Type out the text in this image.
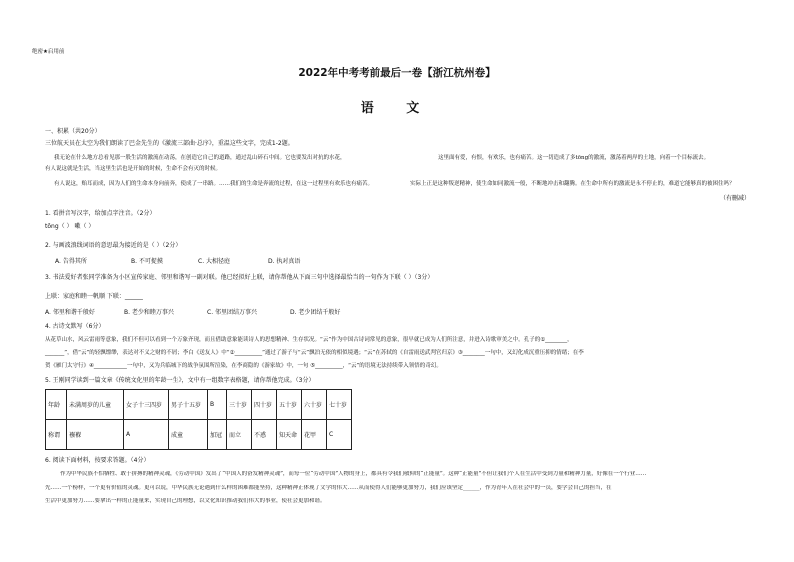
绝密★启用前
2022年中考考前最后一卷【浙江杭州卷】
语 文
一、积累（共20分）
三位航天员在太空为我们朗读了巴金先生的《激流三部曲·总序》，重温这些文字，完成1-2题。
我无论在什么地方总看见那一股生活的激流在动荡，在创造它自己的道路，通过乱山碎石中间。它也要发出对抗的水花，	这里面有爱，有恨，有欢乐，也有痛苦。这一切造成了多tōng的激流，激荡着两岸的土地，向着一个目标流去。
有人说这就是生活，当这里生活也是开始的时候，生命不会有灭的时候。
有人说这，贻耳而成，因为人们的生命本身向前奔，使成了一串路。……我们的生命是奔流的过程，在这一过程里有欢乐也有痛苦。	实际上正是这种叛逆精神，使生命如同激流一般，不断地冲击和翻腾。在生命中所有的激流是永不停止的，难道它能够真的被困住吗？
（有删减）
1. 看拼音写汉字，给加点字注音。（2分）
tōng（ ） 嗽（ ）
2. 与画波浪线词语的意思最为接近的是（ ）（2分）
A. 告得其所	B. 不可捉摸	C. 大相径庭	D. 执对真语
3. 书法爱好者张同学准备为小区宣传家庭、邻里和谐写一副对联。他已经拟好上联，请你帮他从下面三句中选择最恰当的一句作为下联（ ）（3分）
上联：家庭和睦一帆顺 下联：______
A. 邻里和谐千般好	B. 老少和睦万事兴	C. 邻里团结万事兴	D. 老少团结千般好
4. 古诗文默写（6分）
从花草山水，风云雷雨等意象，我们不但可以看到一个万象齐现，而且借助意象能读诗人的思想精神、生存状况。“云”作为中国古诗词常见的意象，很早就已成为人们所注意，并进入诗歌审美之中。孔子的①________，
_______”，借“云”的轻飘缥缈，表达对不义之财的不屑；李白《送友人》中“②__________”通过了游子与“云”飘泊无依的相似境遇；“云”在苏轼的《自雷雨送武判官归京》③________一句中，又幻化成沉重压抑的情绪；在李
贺《雁门太守行》④____________一句中，又为兵临城下的战争氛围所渲染，在李商隐的《游家故》中，一句 ⑤__________，“云”的语境无法持续带入领悟的奇幻。
5. 王刚同学读到一篇文章《传统文化里的年龄一生》，文中有一组数字表格题，请你帮他完成。（3分）
年龄	未满周岁的儿童	女子十三四岁	男子十五岁	B	三十岁	四十岁	五十岁	六十岁	七十岁
称谓	襁褓	A	成童	加冠	而立	不惑	知天命	花甲	C
6. 阅读下面材料，按要求答题。（4分）
作为中华民族不怕牺牲、敢于拼搏的精神灵魂，《劳动中国》发出了“中国人的奋发精神灵魂”，而每一位“劳动中国”人物的身上，都具有令我们敬仰的“正能量”。这种“正能量”不但让我们个人在生活中受到力量和精神力量，好像在一个行业……
先……一个榜样，一个更有价值的灵魂。更可以说，中华民族无论遇到什么样的困难都能坚持，这种精神正体现了文学的伟大……从而使得人们能够更加努力，我们应该坚定______，作为青年人在社会中的一员，要学会自己的担当，在
生活中更加努力……要拿出一样的正能量来，实现自己的理想，以文化知识推动我们伟大的事业，使社会更加和谐。
